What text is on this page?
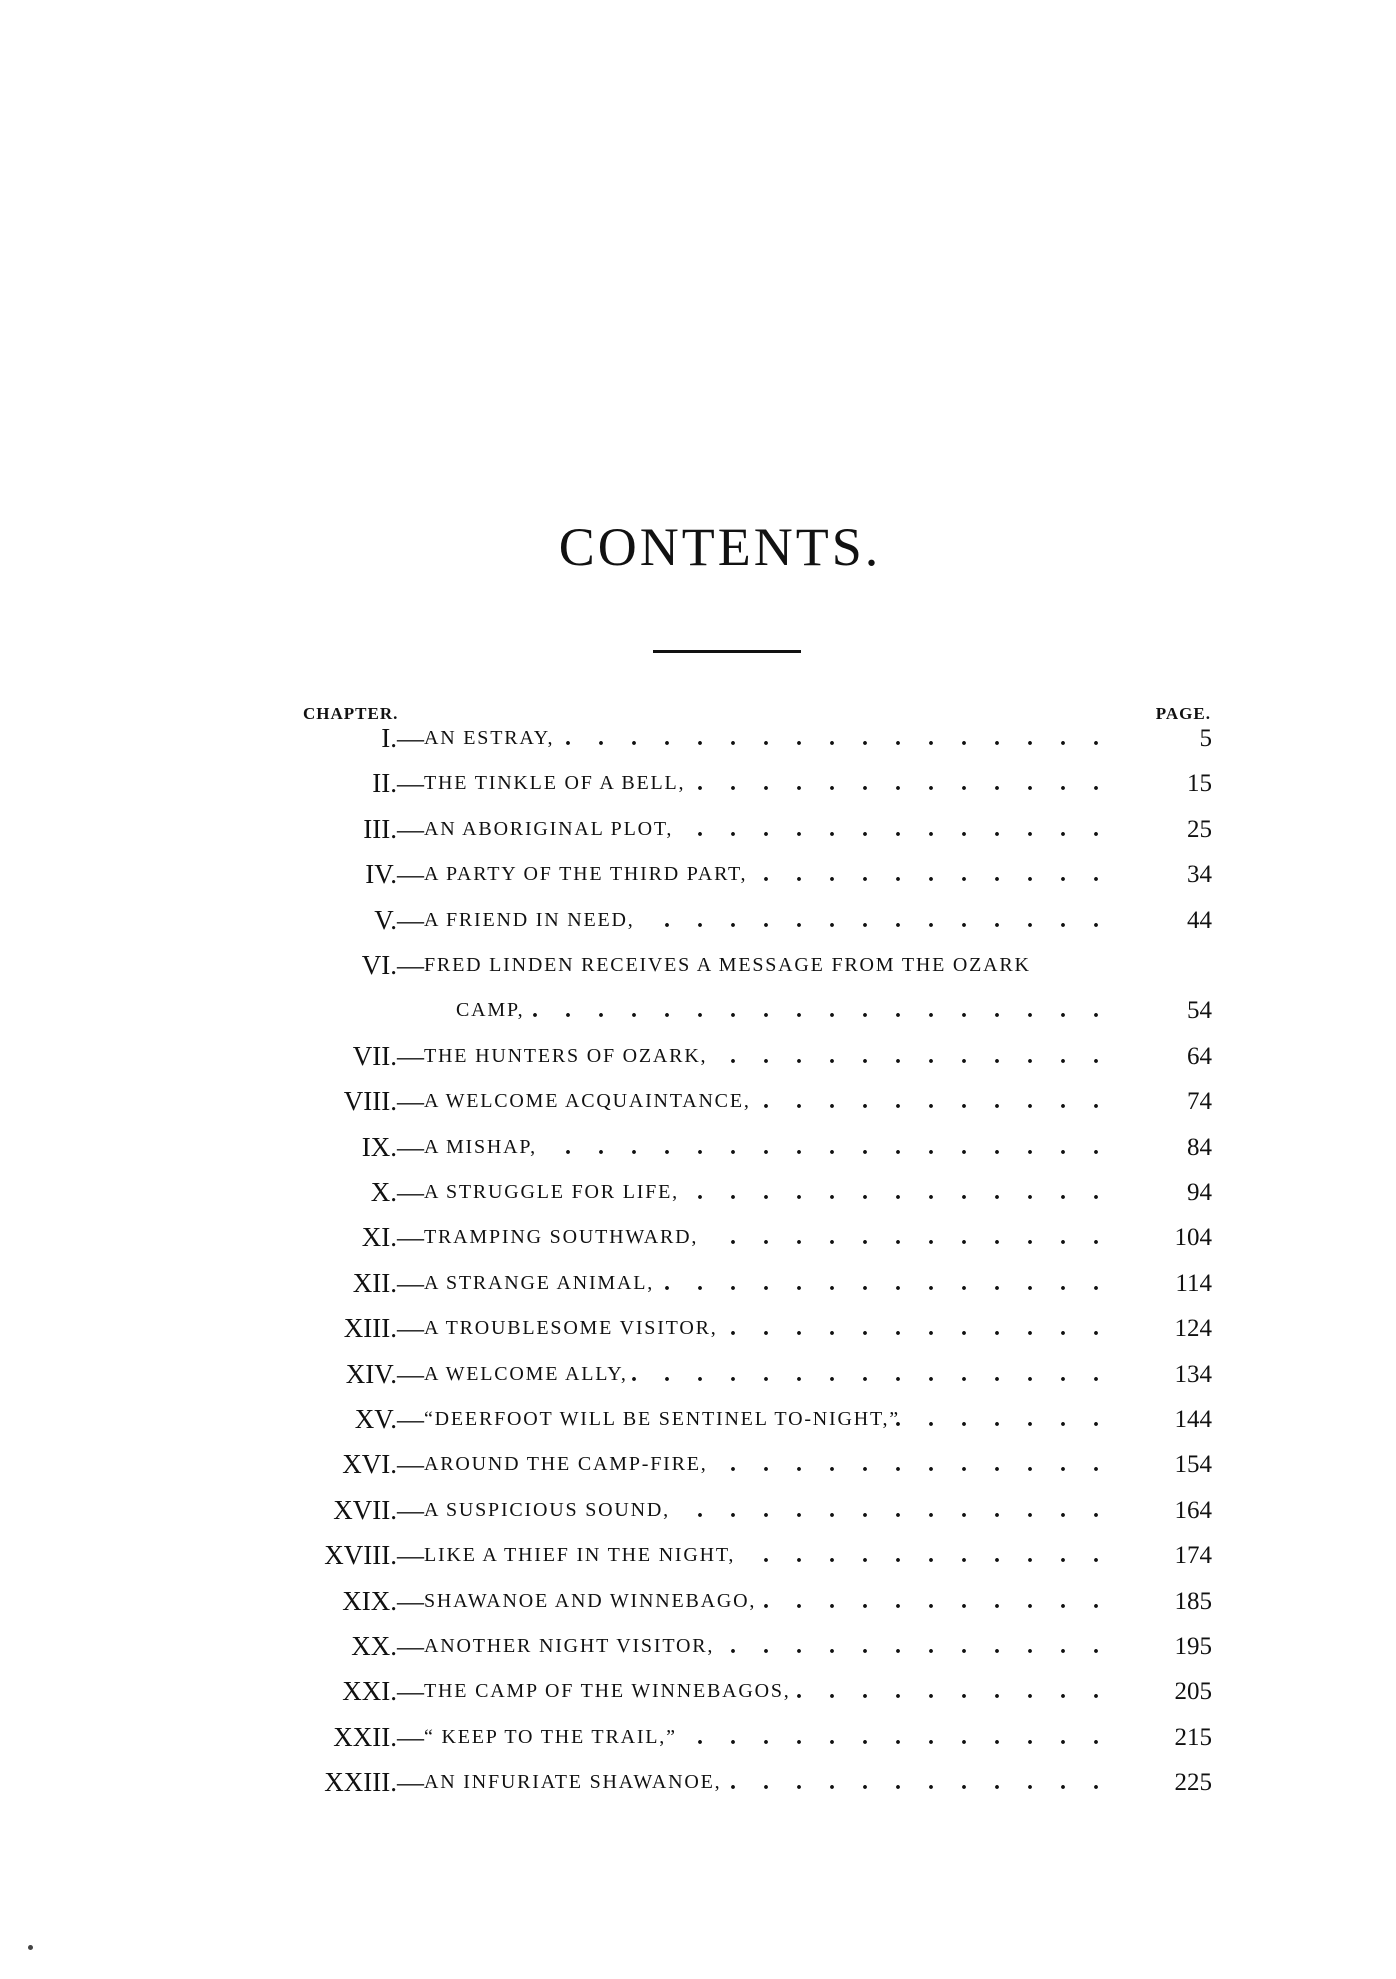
CONTENTS.
CHAPTER.	PAGE.
I. — AN ESTRAY, .................	5
II. — THE TINKLE OF A BELL, ............. 15
III. — AN ABORIGINAL PLOT, ............. 25
IV. — A PARTY OF THE THIRD PART, ........... 34
V. — A FRIEND IN NEED, .............. 44
VI. — FRED LINDEN RECEIVES A MESSAGE FROM THE OZARK
CAMP, .................. 54
VII. — THE HUNTERS OF OZARK, ............ 64
VIII. — A WELCOME ACQUAINTANCE, ........... 74
IX. — A MISHAP, ................. 84
X. — A STRUGGLE FOR LIFE, ............. 94
XI. — TRAMPING SOUTHWARD, ............ 104
XII. — A STRANGE ANIMAL, .............. 114
XIII. — A TROUBLESOME VISITOR, ............ 124
XIV. — A WELCOME ALLY, ............... 134
XV. — “DEERFOOT WILL BE SENTINEL TO-NIGHT,”
....... 144
XVI. — AROUND THE CAMP-FIRE, ............ 154
XVII. — A SUSPICIOUS SOUND, ............. 164
XVIII. — LIKE A THIEF IN THE NIGHT, ........... 174
XIX. — SHAWANOE AND WINNEBAGO, ........... 185
XX. — ANOTHER NIGHT VISITOR, ............ 195
XXI. — THE CAMP OF THE WINNEBAGOS, .......... 205
XXII. — “ KEEP TO THE TRAIL,” ............. 215
XXIII. — AN INFURIATE SHAWANOE, ............ 225
